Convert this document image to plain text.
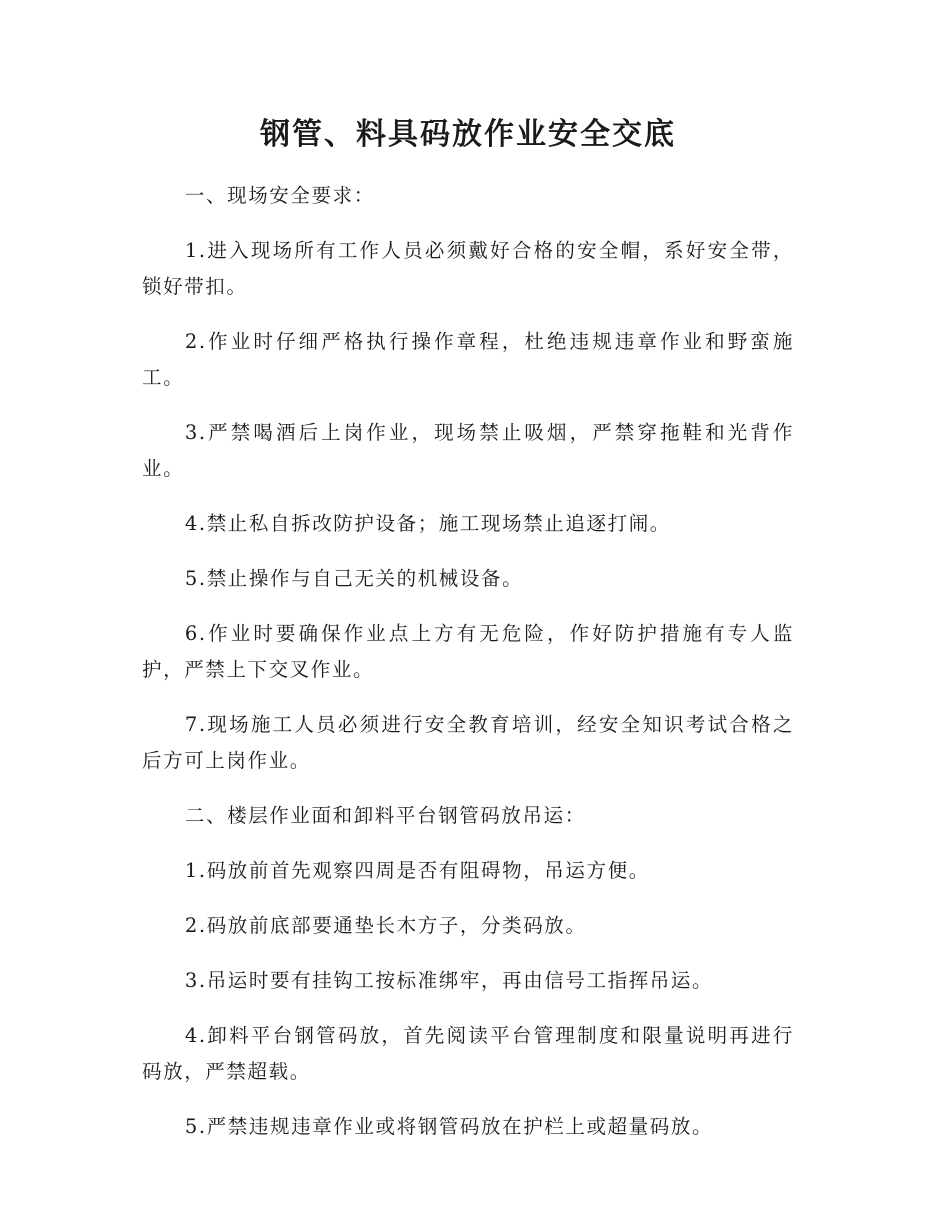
钢管、料具码放作业安全交底

一、现场安全要求：

1.进入现场所有工作人员必须戴好合格的安全帽，系好安全带，锁好带扣。

2.作业时仔细严格执行操作章程，杜绝违规违章作业和野蛮施工。

3.严禁喝酒后上岗作业，现场禁止吸烟，严禁穿拖鞋和光背作业。

4.禁止私自拆改防护设备；施工现场禁止追逐打闹。

5.禁止操作与自己无关的机械设备。

6.作业时要确保作业点上方有无危险，作好防护措施有专人监护，严禁上下交叉作业。

7.现场施工人员必须进行安全教育培训，经安全知识考试合格之后方可上岗作业。

二、楼层作业面和卸料平台钢管码放吊运：

1.码放前首先观察四周是否有阻碍物，吊运方便。

2.码放前底部要通垫长木方子，分类码放。

3.吊运时要有挂钩工按标准绑牢，再由信号工指挥吊运。

4.卸料平台钢管码放，首先阅读平台管理制度和限量说明再进行码放，严禁超载。

5.严禁违规违章作业或将钢管码放在护栏上或超量码放。
